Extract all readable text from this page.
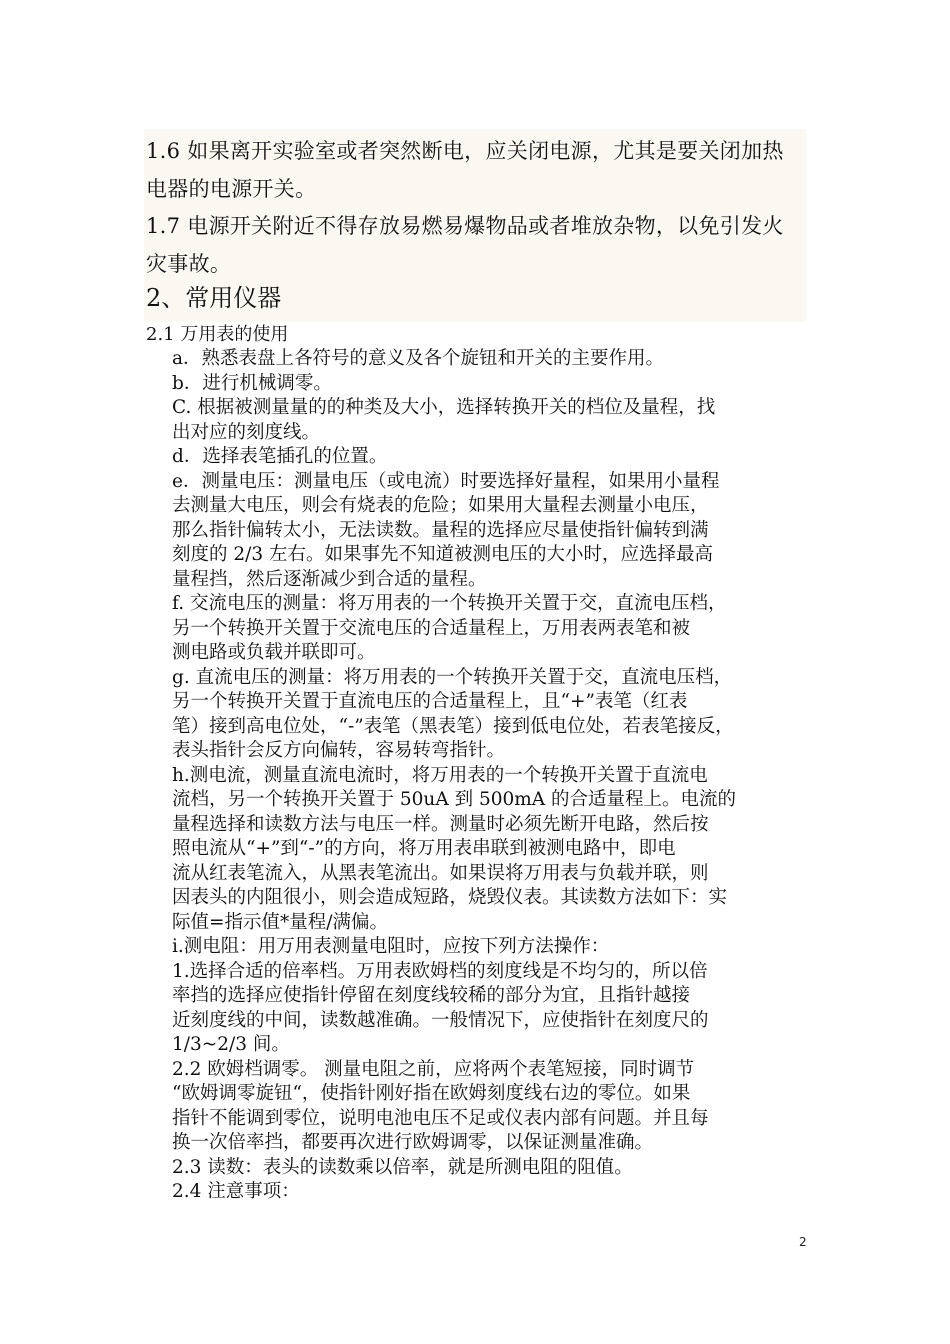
1.6 如果离开实验室或者突然断电，应关闭电源，尤其是要关闭加热
电器的电源开关。
1.7 电源开关附近不得存放易燃易爆物品或者堆放杂物，以免引发火
灾事故。
2、常用仪器
2.1 万用表的使用
a．熟悉表盘上各符号的意义及各个旋钮和开关的主要作用。
b．进行机械调零。
C. 根据被测量量的的种类及大小，选择转换开关的档位及量程，找
出对应的刻度线。
d．选择表笔插孔的位置。
e．测量电压：测量电压（或电流）时要选择好量程，如果用小量程
去测量大电压，则会有烧表的危险；如果用大量程去测量小电压，
那么指针偏转太小，无法读数。量程的选择应尽量使指针偏转到满
刻度的 2/3 左右。如果事先不知道被测电压的大小时，应选择最高
量程挡，然后逐渐减少到合适的量程。
f. 交流电压的测量：将万用表的一个转换开关置于交，直流电压档，
另一个转换开关置于交流电压的合适量程上，万用表两表笔和被
测电路或负载并联即可。
g. 直流电压的测量：将万用表的一个转换开关置于交，直流电压档，
另一个转换开关置于直流电压的合适量程上，且“+”表笔（红表
笔）接到高电位处，“-”表笔（黑表笔）接到低电位处，若表笔接反，
表头指针会反方向偏转，容易转弯指针。
h.测电流，测量直流电流时，将万用表的一个转换开关置于直流电
流档，另一个转换开关置于 50uA 到 500mA 的合适量程上。电流的
量程选择和读数方法与电压一样。测量时必须先断开电路，然后按
照电流从“+”到“-”的方向，将万用表串联到被测电路中，即电
流从红表笔流入，从黑表笔流出。如果误将万用表与负载并联，则
因表头的内阻很小，则会造成短路，烧毁仪表。其读数方法如下：实
际值=指示值*量程/满偏。
i.测电阻：用万用表测量电阻时，应按下列方法操作：
1.选择合适的倍率档。万用表欧姆档的刻度线是不均匀的，所以倍
率挡的选择应使指针停留在刻度线较稀的部分为宜，且指针越接
近刻度线的中间，读数越准确。一般情况下，应使指针在刻度尺的
1/3~2/3 间。
2.2 欧姆档调零。 测量电阻之前，应将两个表笔短接，同时调节
“欧姆调零旋钮“，使指针刚好指在欧姆刻度线右边的零位。如果
指针不能调到零位，说明电池电压不足或仪表内部有问题。并且每
换一次倍率挡，都要再次进行欧姆调零，以保证测量准确。
2.3 读数：表头的读数乘以倍率，就是所测电阻的阻值。
2.4 注意事项：
2
